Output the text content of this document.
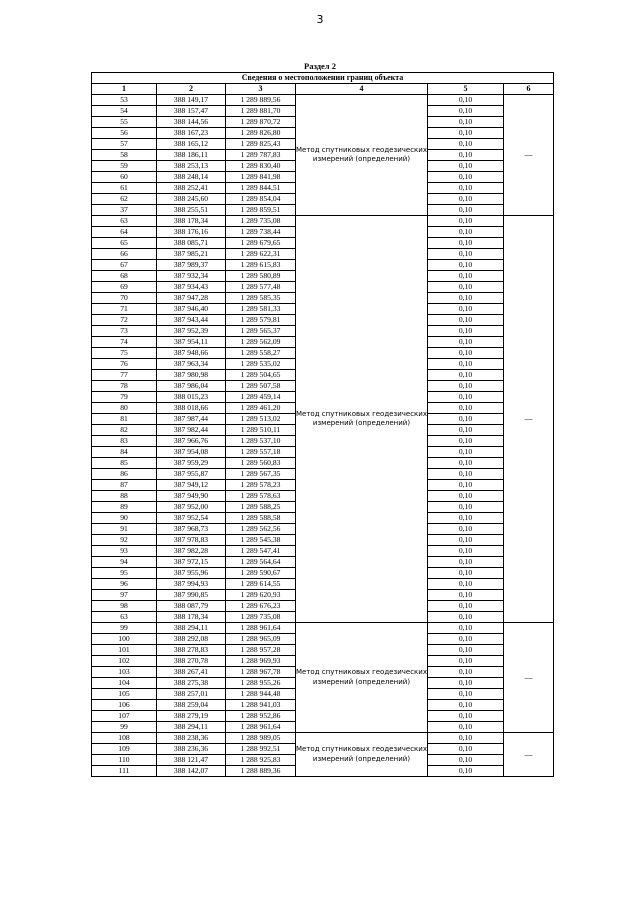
3
Раздел 2
Сведения о местоположении границ объекта					
1	2	3	4	5	6
53	388 149,17	1 289 889,56	Метод спутниковых геодезических измерений (определений)	0,10	—
54	388 157,47	1 289 881,70		0,10	
55	388 144,56	1 289 870,72		0,10	
56	388 167,23	1 289 826,80		0,10	
57	388 165,12	1 289 825,43		0,10	
58	388 186,11	1 289 787,83		0,10	
59	388 253,13	1 289 830,40		0,10	
60	388 248,14	1 289 841,98		0,10	
61	388 252,41	1 289 844,51		0,10	
62	388 245,60	1 289 854,04		0,10	
37	388 255,51	1 289 859,51		0,10	
63	388 178,34	1 289 735,08	Метод спутниковых геодезических измерений (определений)	0,10	—
64	388 176,16	1 289 738,44		0,10	
65	388 085,71	1 289 679,65		0,10	
66	387 985,21	1 289 622,31		0,10	
67	387 989,37	1 289 615,83		0,10	
68	387 932,34	1 289 580,89		0,10	
69	387 934,43	1 289 577,48		0,10	
70	387 947,28	1 289 585,35		0,10	
71	387 946,40	1 289 581,33		0,10	
72	387 943,44	1 289 579,81		0,10	
73	387 952,39	1 289 565,37		0,10	
74	387 954,11	1 289 562,09		0,10	
75	387 948,66	1 289 558,27		0,10	
76	387 963,34	1 289 535,02		0,10	
77	387 980,98	1 289 504,65		0,10	
78	387 986,04	1 289 507,58		0,10	
79	388 015,23	1 289 459,14		0,10	
80	388 018,66	1 289 461,20		0,10	
81	387 987,44	1 289 513,02		0,10	
82	387 982,44	1 289 510,11		0,10	
83	387 966,76	1 289 537,10		0,10	
84	387 954,08	1 289 557,18		0,10	
85	387 959,29	1 289 560,83		0,10	
86	387 955,87	1 289 567,35		0,10	
87	387 949,12	1 289 578,23		0,10	
88	387 949,90	1 289 578,63		0,10	
89	387 952,00	1 289 588,25		0,10	
90	387 952,54	1 289 588,58		0,10	
91	387 968,73	1 289 562,56		0,10	
92	387 978,83	1 289 545,38		0,10	
93	387 982,28	1 289 547,41		0,10	
94	387 972,15	1 289 564,64		0,10	
95	387 955,96	1 289 590,67		0,10	
96	387 994,93	1 289 614,55		0,10	
97	387 990,85	1 289 620,93		0,10	
98	388 087,79	1 289 676,23		0,10	
63	388 178,34	1 289 735,08		0,10	
99	388 294,11	1 288 961,64	Метод спутниковых геодезических измерений (определений)	0,10	—
100	388 292,08	1 288 965,09		0,10	
101	388 278,83	1 288 957,28		0,10	
102	388 270,78	1 288 969,93		0,10	
103	388 267,41	1 288 967,78		0,10	
104	388 275,38	1 288 955,26		0,10	
105	388 257,01	1 288 944,48		0,10	
106	388 259,04	1 288 941,03		0,10	
107	388 279,19	1 288 952,86		0,10	
99	388 294,11	1 288 961,64		0,10	
108	388 238,36	1 288 989,05	Метод спутниковых геодезических измерений (определений)	0,10	—
109	388 236,36	1 288 992,51		0,10	
110	388 121,47	1 288 925,83		0,10	
111	388 142,07	1 288 889,36		0,10	
